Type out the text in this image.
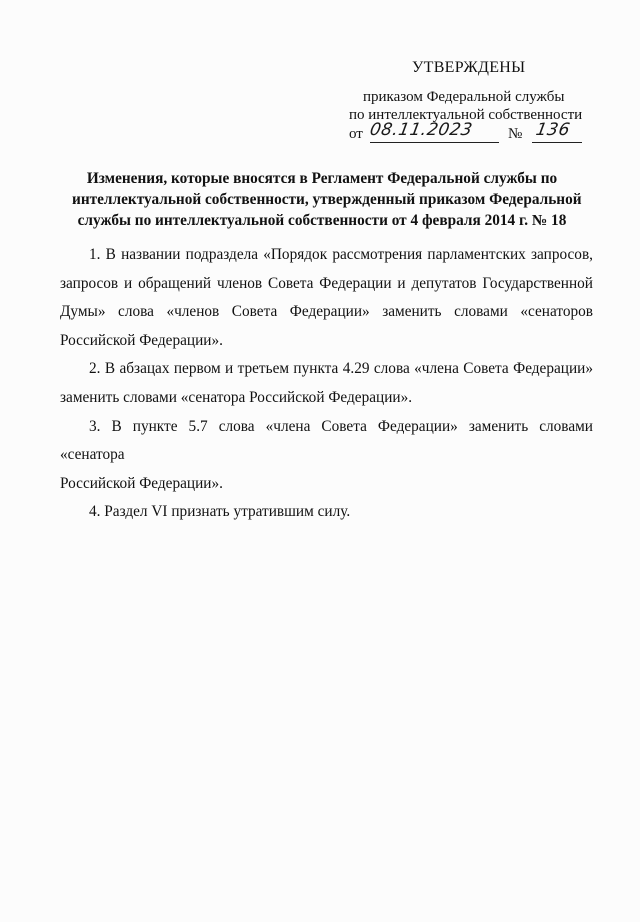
УТВЕРЖДЕНЫ
приказом Федеральной службы
по интеллектуальной собственности
от 08.11.2023 № 136
Изменения, которые вносятся в Регламент Федеральной службы по
интеллектуальной собственности, утвержденный приказом Федеральной
службы по интеллектуальной собственности от 4 февраля 2014 г. № 18

1. В названии подраздела «Порядок рассмотрения парламентских запросов,
запросов и обращений членов Совета Федерации и депутатов Государственной
Думы» слова «членов Совета Федерации» заменить словами «сенаторов
Российской Федерации».

2. В абзацах первом и третьем пункта 4.29 слова «члена Совета Федерации»
заменить словами «сенатора Российской Федерации».

3. В пункте 5.7 слова «члена Совета Федерации» заменить словами «сенатора
Российской Федерации».

4. Раздел VI признать утратившим силу.
